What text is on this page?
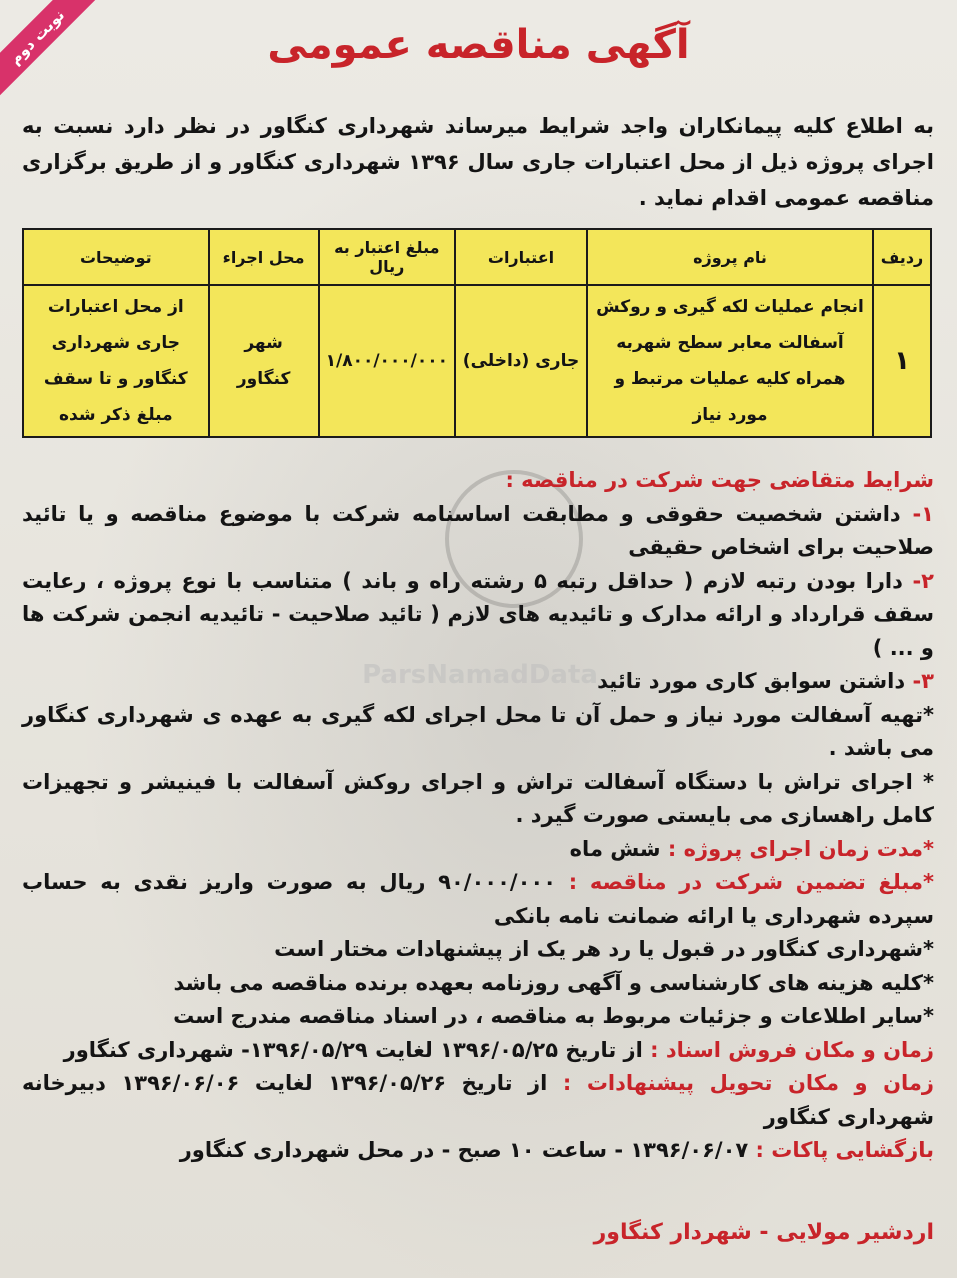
ParsNamadData
نوبت دوم	آگهی مناقصه عمومی
به اطلاع کلیه پیمانکاران واجد شرایط میرساند شهرداری کنگاور در نظر دارد نسبت به اجرای پروژه ذیل از محل اعتبارات جاری سال ۱۳۹۶ شهرداری کنگاور و از طریق برگزاری مناقصه عمومی اقدام نماید .
ردیف	نام پروژه	اعتبارات	مبلغ اعتبار به ریال	محل اجراء	توضیحات
۱	انجام عملیات لکه گیری و روکش آسفالت معابر سطح شهربه همراه کلیه عملیات مرتبط و مورد نیاز	جاری (داخلی)	۱/۸۰۰/۰۰۰/۰۰۰	شهر کنگاور	از محل اعتبارات جاری شهرداری کنگاور و تا سقف مبلغ ذکر شده

شرایط متقاضی جهت شرکت در مناقصه :

۱- داشتن شخصیت حقوقی و مطابقت اساسنامه شرکت با موضوع مناقصه و یا تائید صلاحیت برای اشخاص حقیقی

۲- دارا بودن رتبه لازم ( حداقل رتبه ۵ رشته راه و باند ) متناسب با نوع پروژه ، رعایت سقف قرارداد و ارائه مدارک و تائیدیه های لازم ( تائید صلاحیت - تائیدیه انجمن شرکت ها و ... )

۳- داشتن سوابق کاری مورد تائید

*تهیه آسفالت مورد نیاز و حمل آن تا محل اجرای لکه گیری به عهده ی شهرداری کنگاور می باشد .

* اجرای تراش با دستگاه آسفالت تراش و اجرای روکش آسفالت با فینیشر و تجهیزات کامل راهسازی می بایستی صورت گیرد .

*مدت زمان اجرای پروژه : شش ماه

*مبلغ تضمین شرکت در مناقصه : ۹۰/۰۰۰/۰۰۰ ریال به صورت واریز نقدی به حساب سپرده شهرداری یا ارائه ضمانت نامه بانکی

*شهرداری کنگاور در قبول یا رد هر یک از پیشنهادات مختار است

*کلیه هزینه های کارشناسی و آگهی روزنامه بعهده برنده مناقصه می باشد

*سایر اطلاعات و جزئیات مربوط به مناقصه ، در اسناد مناقصه مندرج است

زمان و مکان فروش اسناد : از تاریخ ۱۳۹۶/۰۵/۲۵ لغایت ۱۳۹۶/۰۵/۲۹- شهرداری کنگاور

زمان و مکان تحویل پیشنهادات : از تاریخ ۱۳۹۶/۰۵/۲۶ لغایت ۱۳۹۶/۰۶/۰۶ دبیرخانه شهرداری کنگاور

بازگشایی پاکات : ۱۳۹۶/۰۶/۰۷ - ساعت ۱۰ صبح - در محل شهرداری کنگاور

اردشیر مولایی - شهردار کنگاور
